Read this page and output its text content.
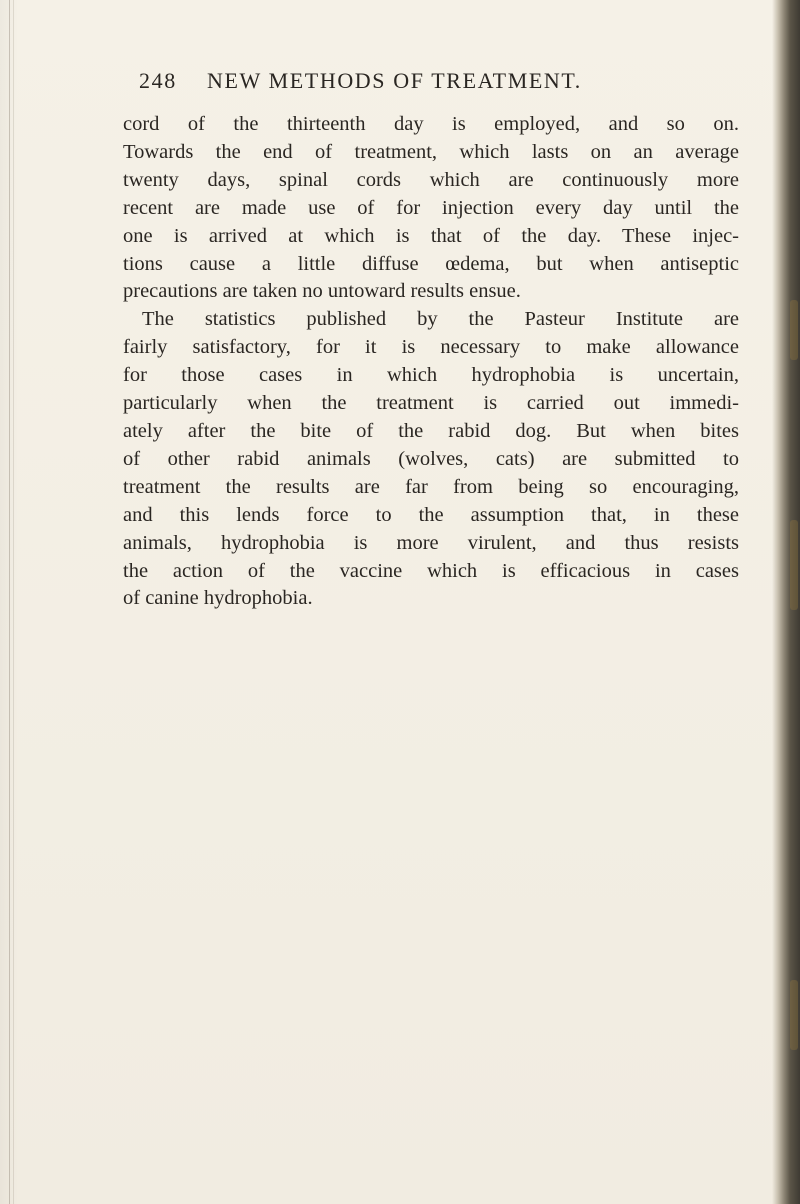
248 NEW METHODS OF TREATMENT.

cord of the thirteenth day is employed, and so on.
Towards the end of treatment, which lasts on an average
twenty days, spinal cords which are continuously more
recent are made use of for injection every day until the
one is arrived at which is that of the day. These injec-
tions cause a little diffuse œdema, but when antiseptic
precautions are taken no untoward results ensue.

The statistics published by the Pasteur Institute are
fairly satisfactory, for it is necessary to make allowance
for those cases in which hydrophobia is uncertain,
particularly when the treatment is carried out immedi-
ately after the bite of the rabid dog. But when bites
of other rabid animals (wolves, cats) are submitted to
treatment the results are far from being so encouraging,
and this lends force to the assumption that, in these
animals, hydrophobia is more virulent, and thus resists
the action of the vaccine which is efficacious in cases
of canine hydrophobia.
